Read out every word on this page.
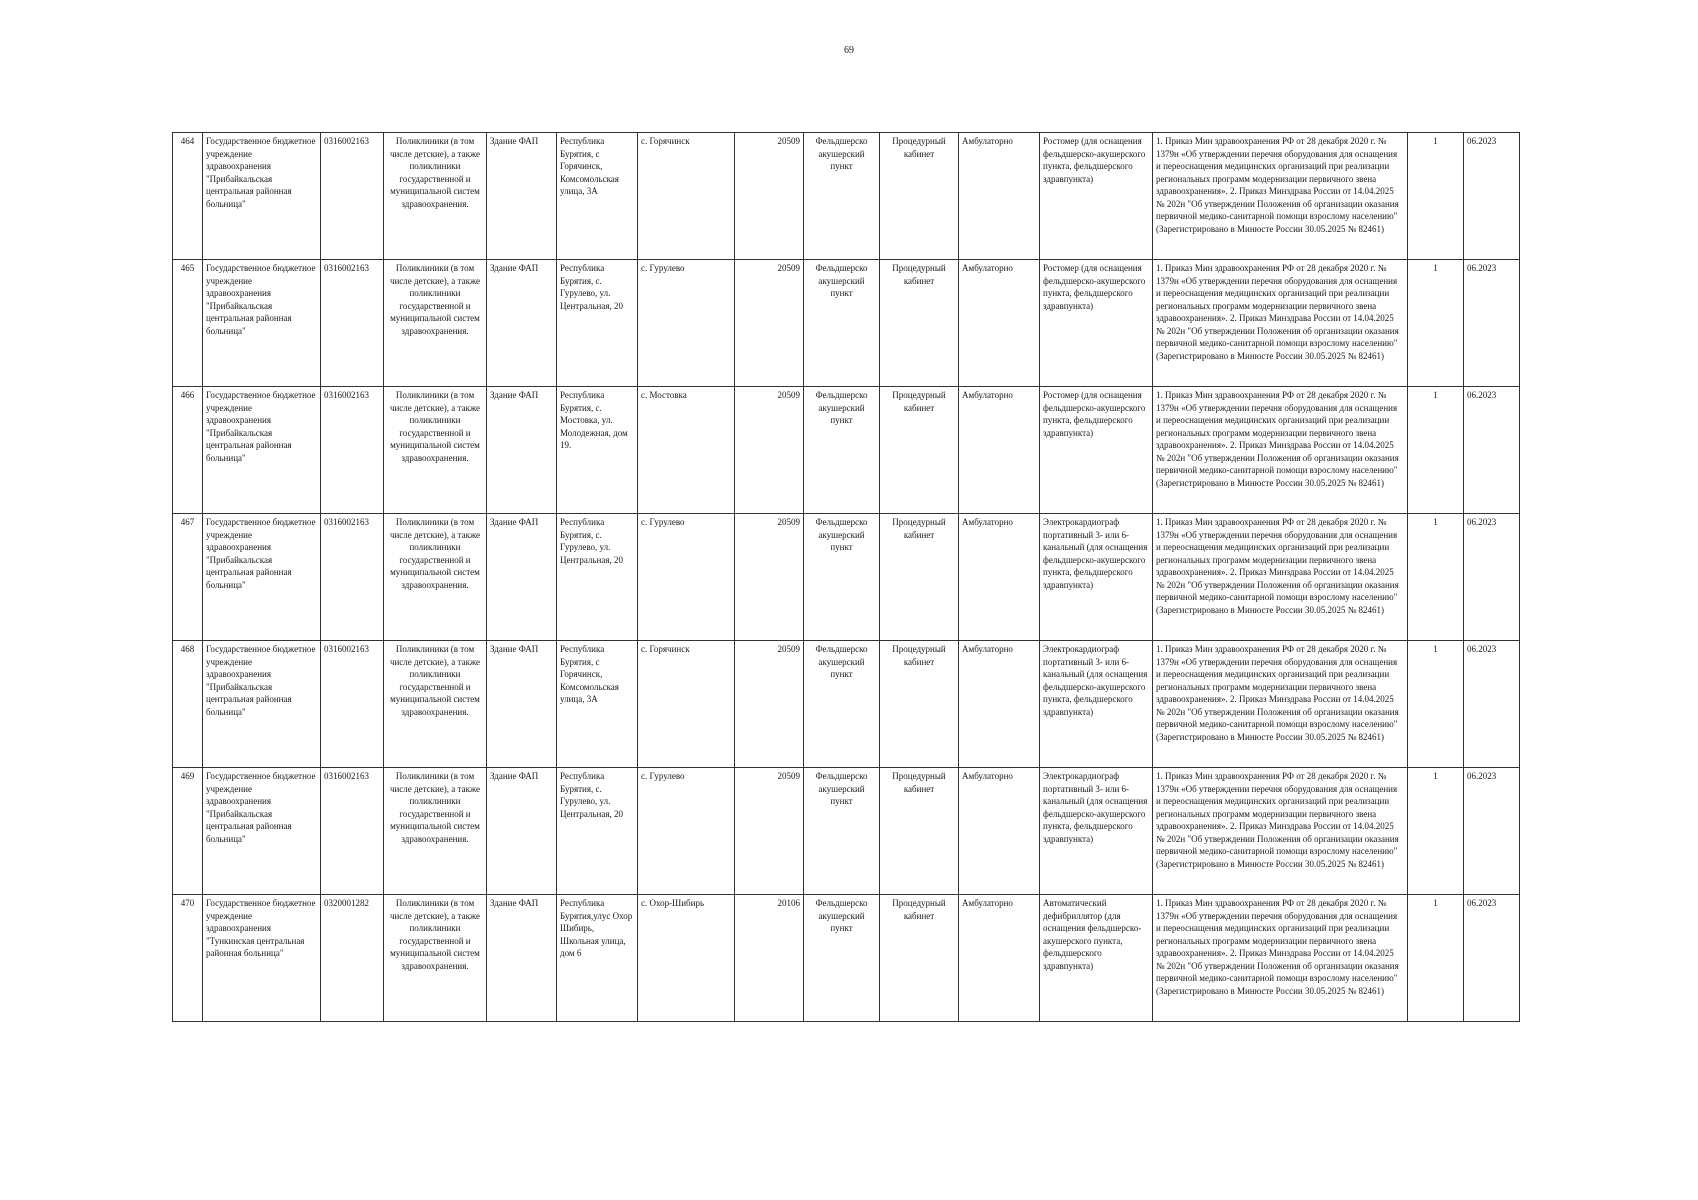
69
464	Государственное бюджетное учреждение здравоохранения "Прибайкальская центральная районная больница"	0316002163	Поликлиники (в том числе детские), а также поликлиники государственной и муниципальной систем здравоохранения.	Здание ФАП	Республика Бурятия, с Горячинск, Комсомольская улица, 3А	с. Горячинск	20509	Фельдшерско акушерский пункт	Процедурный кабинет	Амбулаторно	Ростомер (для оснащения фельдшерско-акушерского пункта, фельдшерского здравпункта)	1. Приказ Мин здравоохранения РФ от 28 декабря 2020 г. № 1379н «Об утверждении перечня оборудования для оснащения и переоснащения медицинских организаций при реализации региональных программ модернизации первичного звена здравоохранения». 2. Приказ Минздрава России от 14.04.2025 № 202н "Об утверждении Положения об организации оказания первичной медико-санитарной помощи взрослому населению" (Зарегистрировано в Минюсте России 30.05.2025 № 82461)	1	06.2023
465	Государственное бюджетное учреждение здравоохранения "Прибайкальская центральная районная больница"	0316002163	Поликлиники (в том числе детские), а также поликлиники государственной и муниципальной систем здравоохранения.	Здание ФАП	Республика Бурятия, с. Гурулево, ул. Центральная, 20	с. Гурулево	20509	Фельдшерско акушерский пункт	Процедурный кабинет	Амбулаторно	Ростомер (для оснащения фельдшерско-акушерского пункта, фельдшерского здравпункта)	1. Приказ Мин здравоохранения РФ от 28 декабря 2020 г. № 1379н «Об утверждении перечня оборудования для оснащения и переоснащения медицинских организаций при реализации региональных программ модернизации первичного звена здравоохранения». 2. Приказ Минздрава России от 14.04.2025 № 202н "Об утверждении Положения об организации оказания первичной медико-санитарной помощи взрослому населению" (Зарегистрировано в Минюсте России 30.05.2025 № 82461)	1	06.2023
466	Государственное бюджетное учреждение здравоохранения "Прибайкальская центральная районная больница"	0316002163	Поликлиники (в том числе детские), а также поликлиники государственной и муниципальной систем здравоохранения.	Здание ФАП	Республика Бурятия, с. Мостовка, ул. Молодежная, дом 19.	с. Мостовка	20509	Фельдшерско акушерский пункт	Процедурный кабинет	Амбулаторно	Ростомер (для оснащения фельдшерско-акушерского пункта, фельдшерского здравпункта)	1. Приказ Мин здравоохранения РФ от 28 декабря 2020 г. № 1379н «Об утверждении перечня оборудования для оснащения и переоснащения медицинских организаций при реализации региональных программ модернизации первичного звена здравоохранения». 2. Приказ Минздрава России от 14.04.2025 № 202н "Об утверждении Положения об организации оказания первичной медико-санитарной помощи взрослому населению" (Зарегистрировано в Минюсте России 30.05.2025 № 82461)	1	06.2023
467	Государственное бюджетное учреждение здравоохранения "Прибайкальская центральная районная больница"	0316002163	Поликлиники (в том числе детские), а также поликлиники государственной и муниципальной систем здравоохранения.	Здание ФАП	Республика Бурятия, с. Гурулево, ул. Центральная, 20	с. Гурулево	20509	Фельдшерско акушерский пункт	Процедурный кабинет	Амбулаторно	Электрокардиограф портативный 3- или 6-канальный (для оснащения фельдшерско-акушерского пункта, фельдшерского здравпункта)	1. Приказ Мин здравоохранения РФ от 28 декабря 2020 г. № 1379н «Об утверждении перечня оборудования для оснащения и переоснащения медицинских организаций при реализации региональных программ модернизации первичного звена здравоохранения». 2. Приказ Минздрава России от 14.04.2025 № 202н "Об утверждении Положения об организации оказания первичной медико-санитарной помощи взрослому населению" (Зарегистрировано в Минюсте России 30.05.2025 № 82461)	1	06.2023
468	Государственное бюджетное учреждение здравоохранения "Прибайкальская центральная районная больница"	0316002163	Поликлиники (в том числе детские), а также поликлиники государственной и муниципальной систем здравоохранения.	Здание ФАП	Республика Бурятия, с Горячинск, Комсомольская улица, 3А	с. Горячинск	20509	Фельдшерско акушерский пункт	Процедурный кабинет	Амбулаторно	Электрокардиограф портативный 3- или 6-канальный (для оснащения фельдшерско-акушерского пункта, фельдшерского здравпункта)	1. Приказ Мин здравоохранения РФ от 28 декабря 2020 г. № 1379н «Об утверждении перечня оборудования для оснащения и переоснащения медицинских организаций при реализации региональных программ модернизации первичного звена здравоохранения». 2. Приказ Минздрава России от 14.04.2025 № 202н "Об утверждении Положения об организации оказания первичной медико-санитарной помощи взрослому населению" (Зарегистрировано в Минюсте России 30.05.2025 № 82461)	1	06.2023
469	Государственное бюджетное учреждение здравоохранения "Прибайкальская центральная районная больница"	0316002163	Поликлиники (в том числе детские), а также поликлиники государственной и муниципальной систем здравоохранения.	Здание ФАП	Республика Бурятия, с. Гурулево, ул. Центральная, 20	с. Гурулево	20509	Фельдшерско акушерский пункт	Процедурный кабинет	Амбулаторно	Электрокардиограф портативный 3- или 6-канальный (для оснащения фельдшерско-акушерского пункта, фельдшерского здравпункта)	1. Приказ Мин здравоохранения РФ от 28 декабря 2020 г. № 1379н «Об утверждении перечня оборудования для оснащения и переоснащения медицинских организаций при реализации региональных программ модернизации первичного звена здравоохранения». 2. Приказ Минздрава России от 14.04.2025 № 202н "Об утверждении Положения об организации оказания первичной медико-санитарной помощи взрослому населению" (Зарегистрировано в Минюсте России 30.05.2025 № 82461)	1	06.2023
470	Государственное бюджетное учреждение здравоохранения "Тункинская центральная районная больница"	0320001282	Поликлиники (в том числе детские), а также поликлиники государственной и муниципальной систем здравоохранения.	Здание ФАП	Республика Бурятия,улус Охор Шибирь, Школьная улица, дом 6	с. Охор-Шибирь	20106	Фельдшерско акушерский пункт	Процедурный кабинет	Амбулаторно	Автоматический дефибриллятор (для оснащения фельдшерско-акушерского пункта, фельдшерского здравпункта)	1. Приказ Мин здравоохранения РФ от 28 декабря 2020 г. № 1379н «Об утверждении перечня оборудования для оснащения и переоснащения медицинских организаций при реализации региональных программ модернизации первичного звена здравоохранения». 2. Приказ Минздрава России от 14.04.2025 № 202н "Об утверждении Положения об организации оказания первичной медико-санитарной помощи взрослому населению" (Зарегистрировано в Минюсте России 30.05.2025 № 82461)	1	06.2023
